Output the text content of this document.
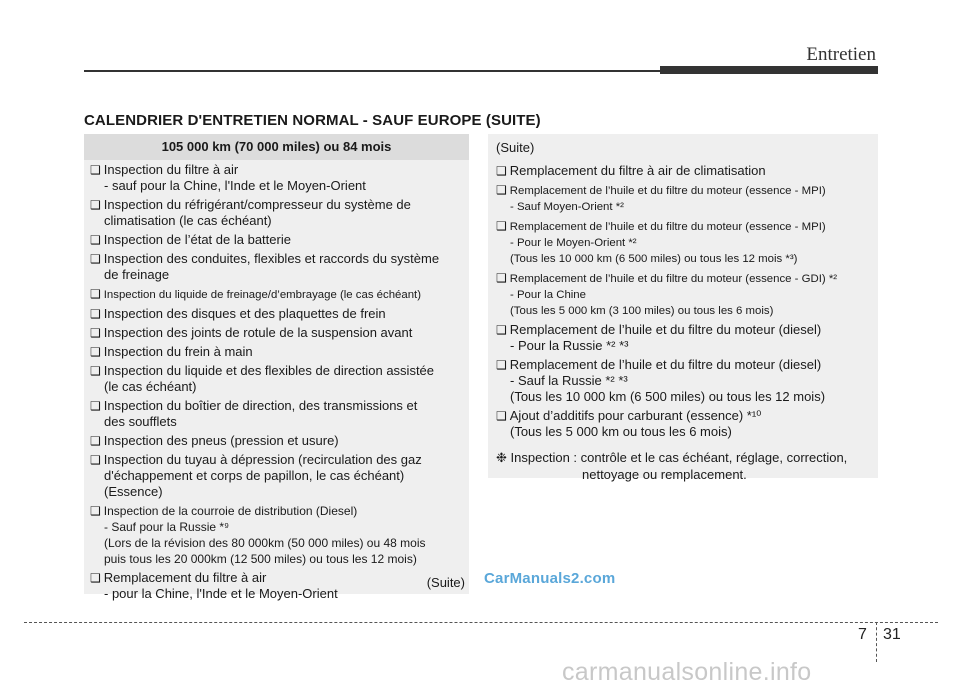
Entretien
CALENDRIER D'ENTRETIEN NORMAL - SAUF EUROPE (SUITE)
105 000 km (70 000 miles) ou 84 mois
❑ Inspection du filtre à air
- sauf pour la Chine, l'Inde et le Moyen-Orient
❑ Inspection du réfrigérant/compresseur du système de
climatisation (le cas échéant)
❑ Inspection de l’état de la batterie
❑ Inspection des conduites, flexibles et raccords du système
de freinage
❑ Inspection du liquide de freinage/d’embrayage (le cas échéant)
❑ Inspection des disques et des plaquettes de frein
❑ Inspection des joints de rotule de la suspension avant
❑ Inspection du frein à main
❑ Inspection du liquide et des flexibles de direction assistée
(le cas échéant)
❑ Inspection du boîtier de direction, des transmissions et
des soufflets
❑ Inspection des pneus (pression et usure)
❑ Inspection du tuyau à dépression (recirculation des gaz
d'échappement et corps de papillon, le cas échéant)
(Essence)
❑ Inspection de la courroie de distribution (Diesel)
- Sauf pour la Russie *⁹
(Lors de la révision des 80 000km (50 000 miles) ou 48 mois
puis tous les 20 000km (12 500 miles) ou tous les 12 mois)
❑ Remplacement du filtre à air
- pour la Chine, l'Inde et le Moyen-Orient
(Suite)
(Suite)
❑ Remplacement du filtre à air de climatisation
❑ Remplacement de l’huile et du filtre du moteur (essence - MPI)
- Sauf Moyen-Orient *²
❑ Remplacement de l’huile et du filtre du moteur (essence - MPI)
- Pour le Moyen-Orient *²
(Tous les 10 000 km (6 500 miles) ou tous les 12 mois *³)
❑ Remplacement de l’huile et du filtre du moteur (essence - GDI) *²
- Pour la Chine
(Tous les 5 000 km (3 100 miles) ou tous les 6 mois)
❑ Remplacement de l’huile et du filtre du moteur (diesel)
- Pour la Russie *² *³
❑ Remplacement de l’huile et du filtre du moteur (diesel)
- Sauf la Russie *² *³
(Tous les 10 000 km (6 500 miles) ou tous les 12 mois)
❑ Ajout d’additifs pour carburant (essence) *¹⁰
(Tous les 5 000 km ou tous les 6 mois)
❉ Inspection : contrôle et le cas échéant, réglage, correction,
nettoyage ou remplacement.
CarManuals2.com
7 31
carmanualsonline.info
